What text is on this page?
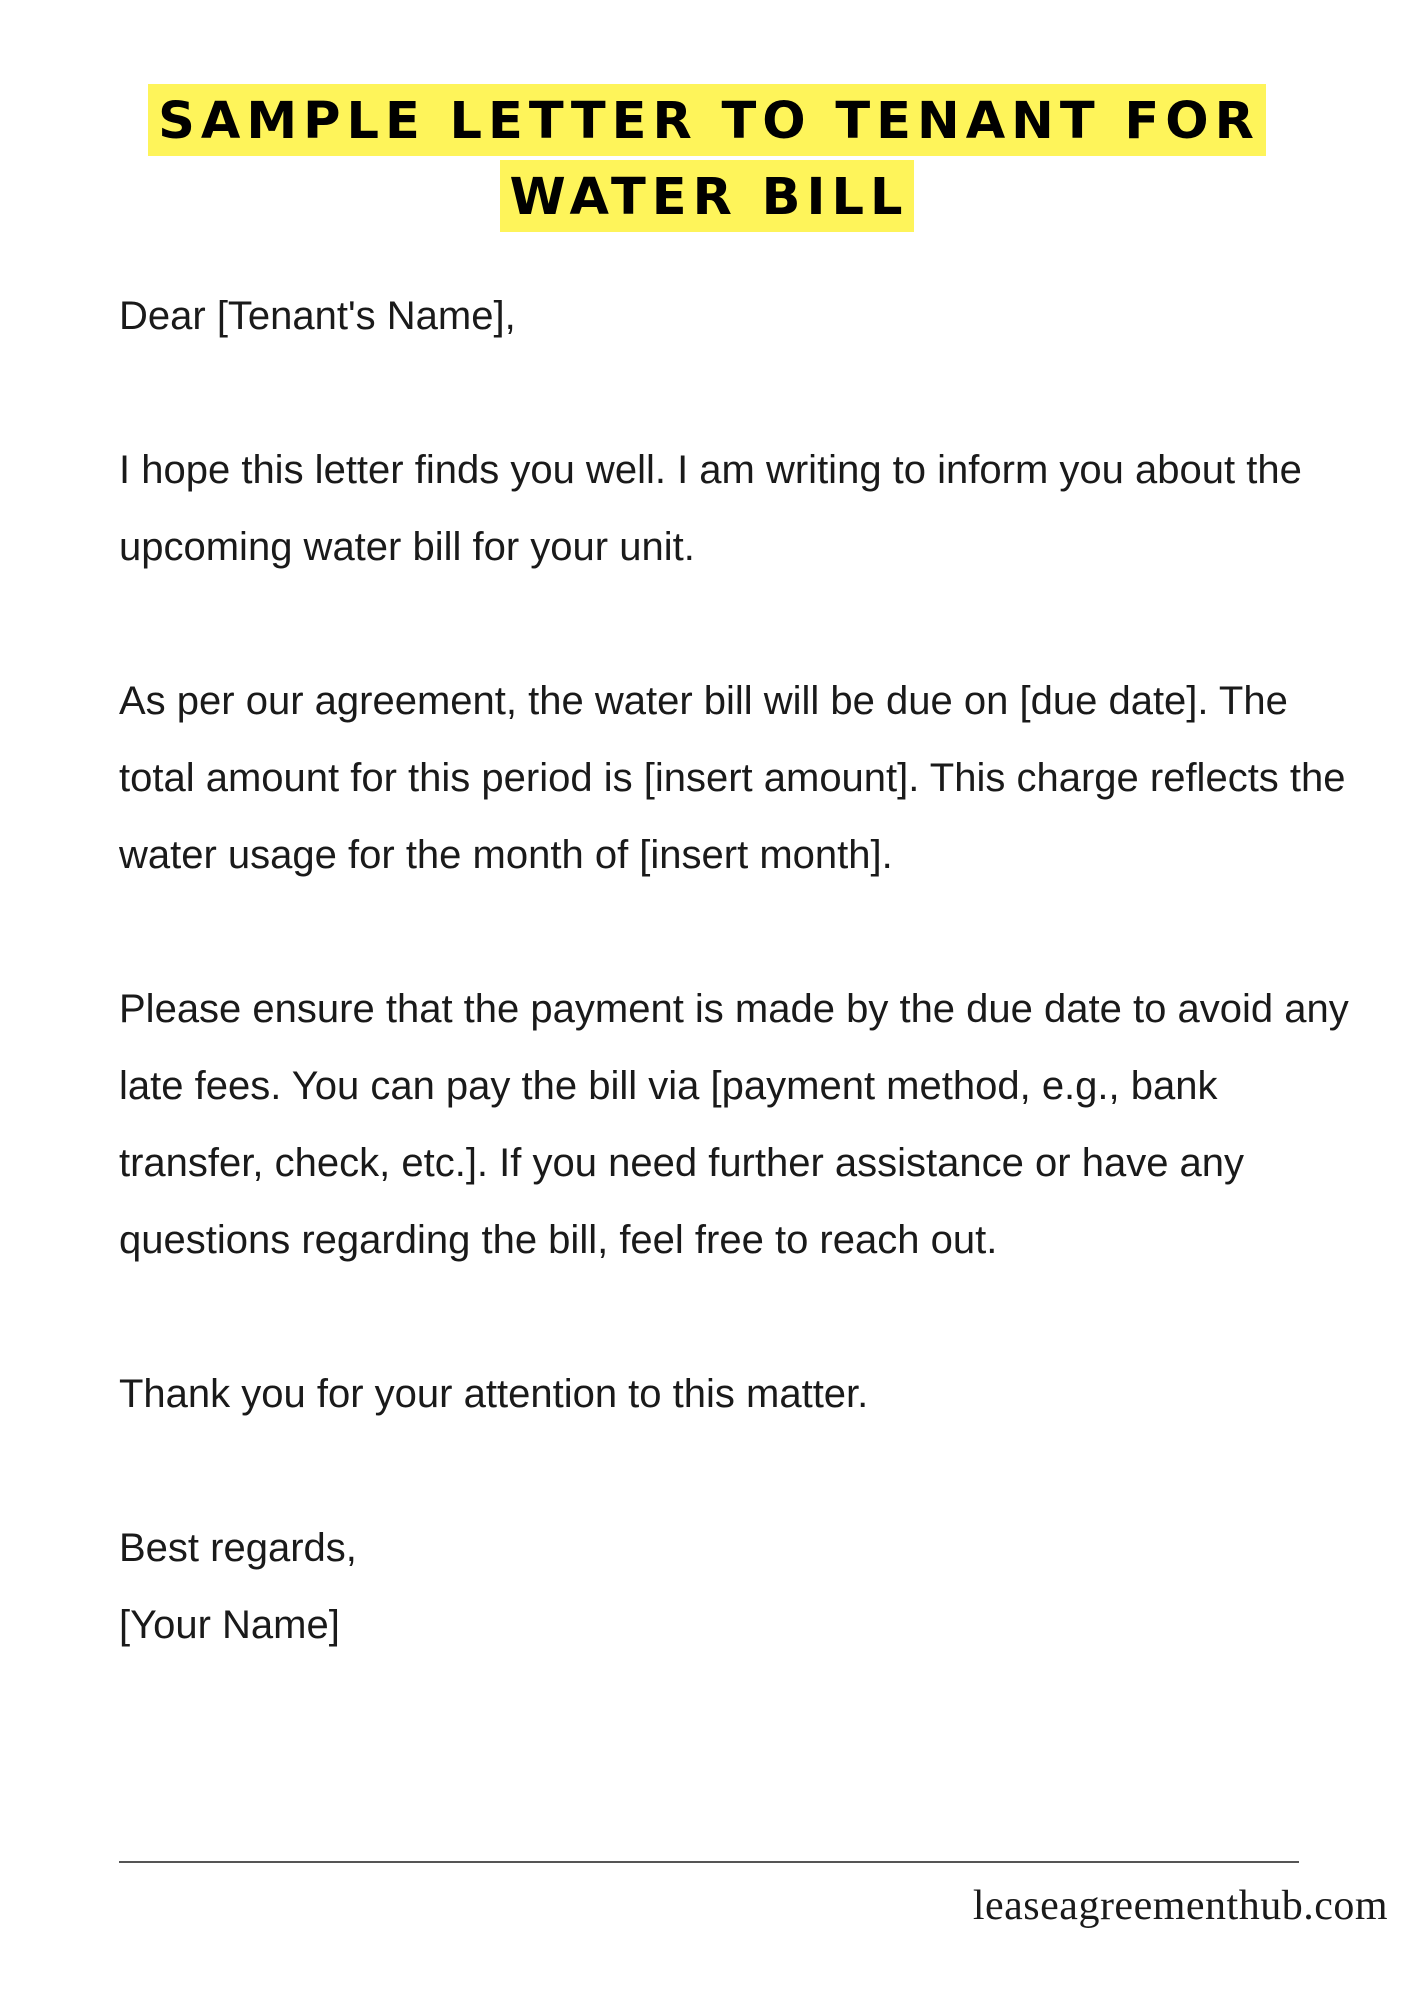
SAMPLE LETTER TO TENANT FOR
WATER BILL

Dear [Tenant's Name],

I hope this letter finds you well. I am writing to inform you about the upcoming water bill for your unit.

As per our agreement, the water bill will be due on [due date]. The total amount for this period is [insert amount]. This charge reflects the water usage for the month of [insert month].

Please ensure that the payment is made by the due date to avoid any late fees. You can pay the bill via [payment method, e.g., bank transfer, check, etc.]. If you need further assistance or have any questions regarding the bill, feel free to reach out.

Thank you for your attention to this matter.

Best regards,

[Your Name]

leaseagreementhub.com
